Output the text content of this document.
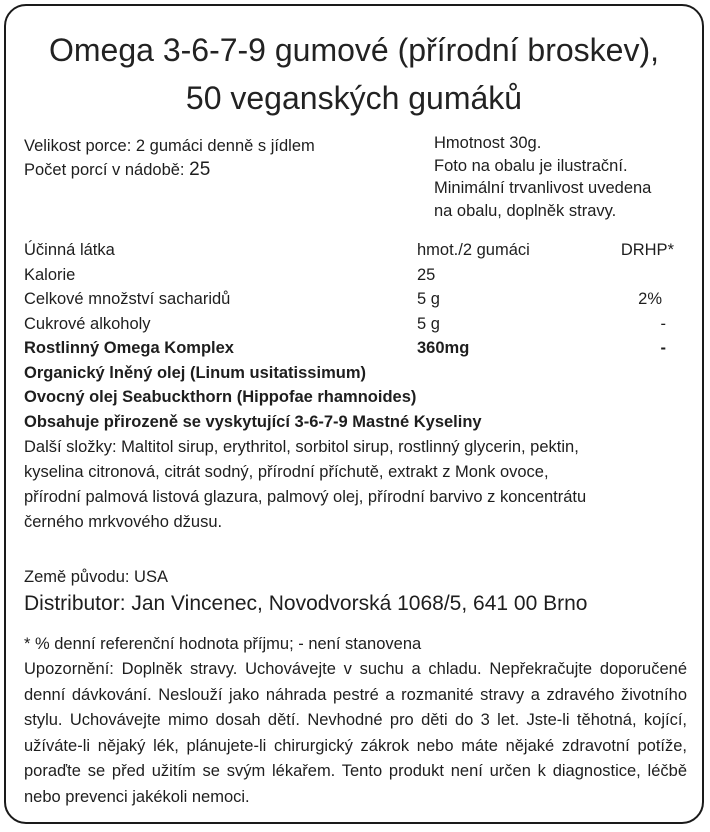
Omega 3-6-7-9 gumové (přírodní broskev),
50 veganských gumáků
Velikost porce: 2 gumáci denně s jídlem
Počet porcí v nádobě: 25
Hmotnost 30g.
Foto na obalu je ilustrační.
Minimální trvanlivost uvedena
na obalu, doplněk stravy.
Účinná látka	hmot./2 gumáci	DRHP*
Kalorie	25
Celkové množství sacharidů	5 g	2%
Cukrové alkoholy	5 g	-
Rostlinný Omega Komplex	360mg	-
Organický lněný olej (Linum usitatissimum)
Ovocný olej Seabuckthorn (Hippofae rhamnoides)
Obsahuje přirozeně se vyskytující 3-6-7-9 Mastné Kyseliny
Další složky: Maltitol sirup, erythritol, sorbitol sirup, rostlinný glycerin, pektin,
kyselina citronová, citrát sodný, přírodní příchutě, extrakt z Monk ovoce,
přírodní palmová listová glazura, palmový olej, přírodní barvivo z koncentrátu
černého mrkvového džusu.
Země původu: USA
Distributor: Jan Vincenec, Novodvorská 1068/5, 641 00 Brno
* % denní referenční hodnota příjmu; - není stanovena
Upozornění: Doplněk stravy. Uchovávejte v suchu a chladu. Nepřekračujte doporučené denní dávkování. Neslouží jako náhrada pestré a rozmanité stravy a zdravého životního stylu. Uchovávejte mimo dosah dětí. Nevhodné pro děti do 3 let. Jste-li těhotná, kojící, užíváte-li nějaký lék, plánujete-li chirurgický zákrok nebo máte nějaké zdravotní potíže, poraďte se před užitím se svým lékařem. Tento produkt není určen k diagnostice, léčbě nebo prevenci jakékoli nemoci.
